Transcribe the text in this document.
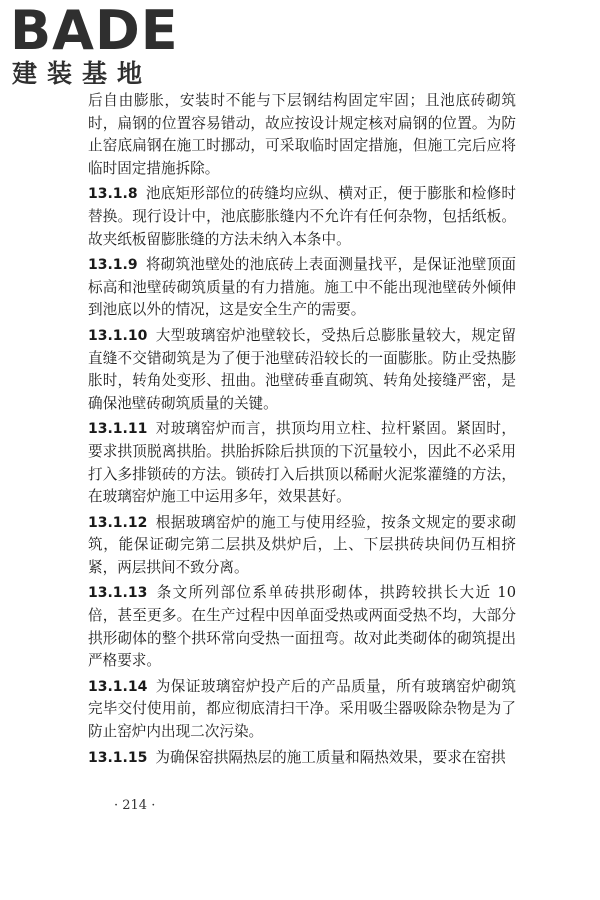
BADE
建装基地

后自由膨胀，安装时不能与下层钢结构固定牢固；且池底砖砌筑时，扁钢的位置容易错动，故应按设计规定核对扁钢的位置。为防止窑底扁钢在施工时挪动，可采取临时固定措施，但施工完后应将临时固定措施拆除。

13.1.8 池底矩形部位的砖缝均应纵、横对正，便于膨胀和检修时替换。现行设计中，池底膨胀缝内不允许有任何杂物，包括纸板。故夹纸板留膨胀缝的方法未纳入本条中。

13.1.9 将砌筑池壁处的池底砖上表面测量找平，是保证池壁顶面标高和池壁砖砌筑质量的有力措施。施工中不能出现池壁砖外倾伸到池底以外的情况，这是安全生产的需要。

13.1.10 大型玻璃窑炉池壁较长，受热后总膨胀量较大，规定留直缝不交错砌筑是为了便于池壁砖沿较长的一面膨胀。防止受热膨胀时，转角处变形、扭曲。池壁砖垂直砌筑、转角处接缝严密，是确保池壁砖砌筑质量的关键。

13.1.11 对玻璃窑炉而言，拱顶均用立柱、拉杆紧固。紧固时，要求拱顶脱离拱胎。拱胎拆除后拱顶的下沉量较小，因此不必采用打入多排锁砖的方法。锁砖打入后拱顶以稀耐火泥浆灌缝的方法，在玻璃窑炉施工中运用多年，效果甚好。

13.1.12 根据玻璃窑炉的施工与使用经验，按条文规定的要求砌筑，能保证砌完第二层拱及烘炉后，上、下层拱砖块间仍互相挤紧，两层拱间不致分离。

13.1.13 条文所列部位系单砖拱形砌体，拱跨较拱长大近 10 倍，甚至更多。在生产过程中因单面受热或两面受热不均，大部分拱形砌体的整个拱环常向受热一面扭弯。故对此类砌体的砌筑提出严格要求。

13.1.14 为保证玻璃窑炉投产后的产品质量，所有玻璃窑炉砌筑完毕交付使用前，都应彻底清扫干净。采用吸尘器吸除杂物是为了防止窑炉内出现二次污染。

13.1.15 为确保窑拱隔热层的施工质量和隔热效果，要求在窑拱

· 214 ·
